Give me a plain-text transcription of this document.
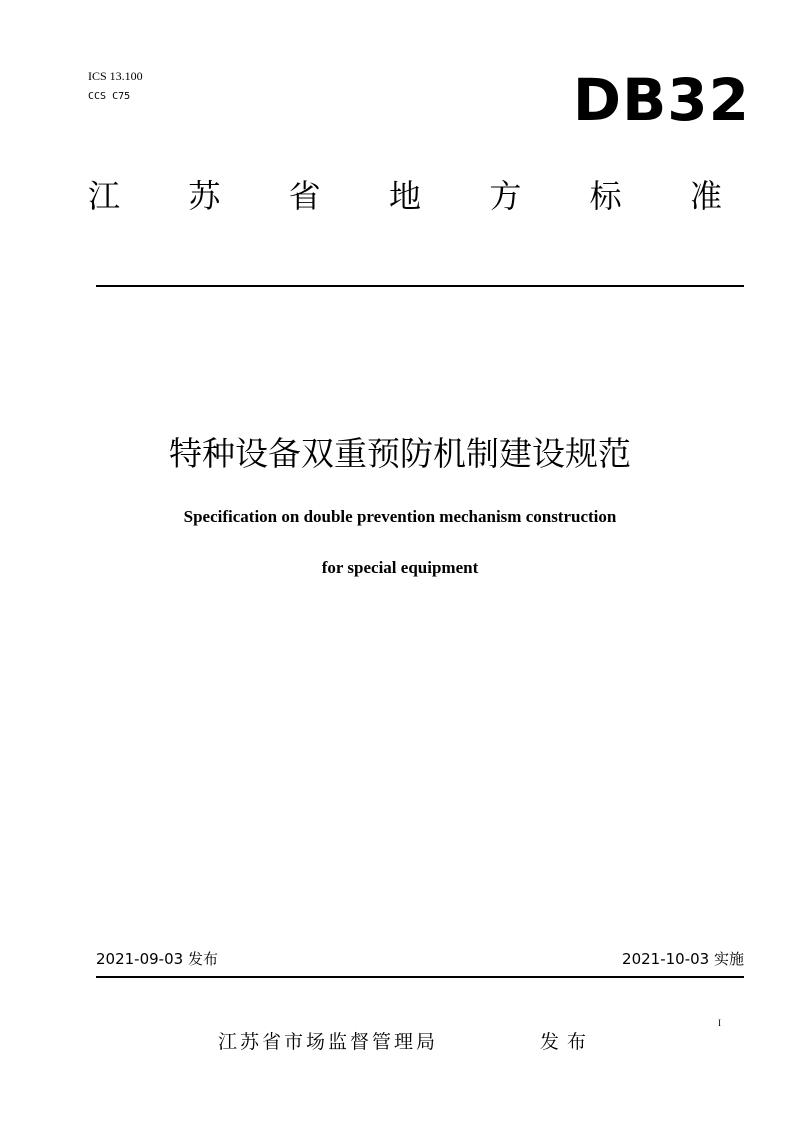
ICS 13.100
CCS C75	DB32
江 苏 省 地 方 标 准
特种设备双重预防机制建设规范
Specification on double prevention mechanism construction
for special equipment
2021-09-03 发布	2021-10-03 实施
I
江苏省市场监督管理局	发布
